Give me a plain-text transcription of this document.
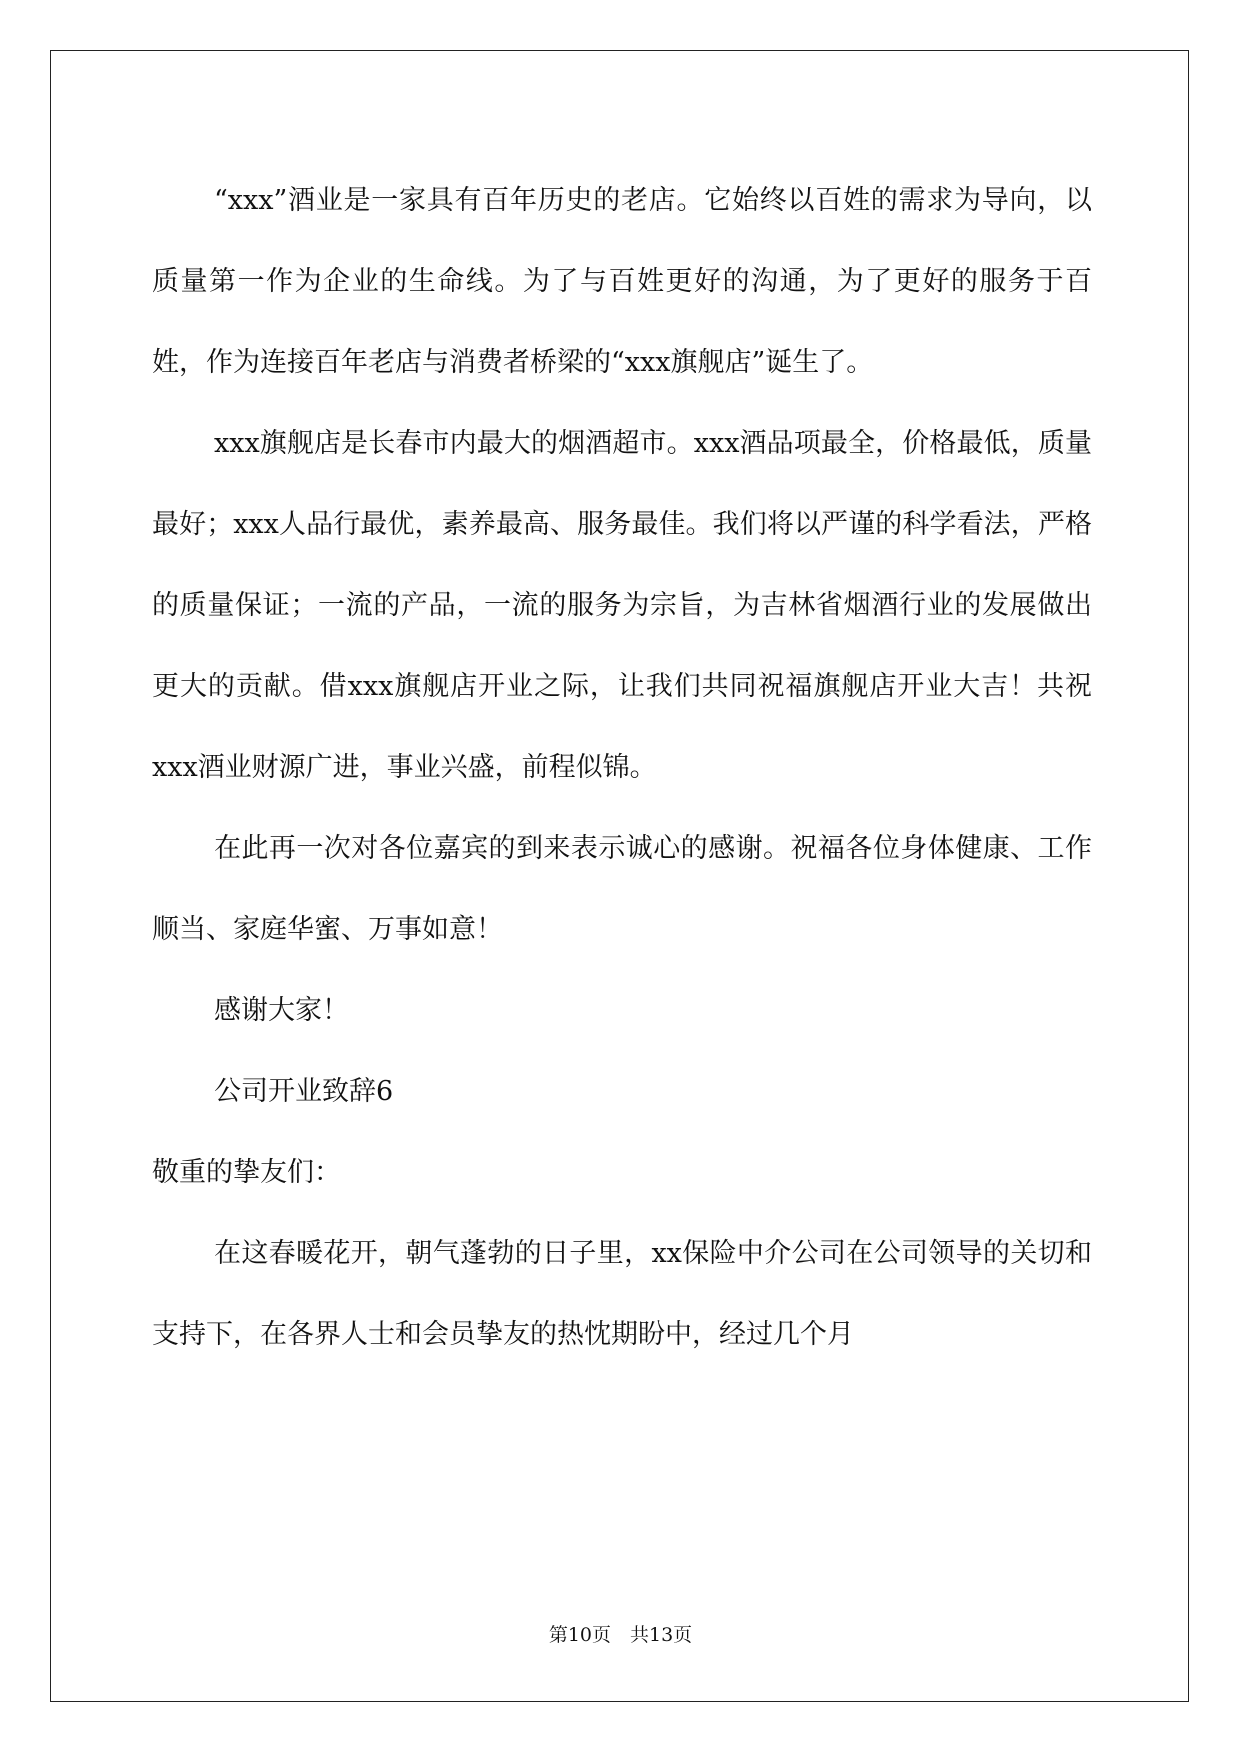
“xxx”酒业是一家具有百年历史的老店。它始终以百姓的需求为导向，以质量第一作为企业的生命线。为了与百姓更好的沟通，为了更好的服务于百姓，作为连接百年老店与消费者桥梁的“xxx旗舰店”诞生了。

xxx旗舰店是长春市内最大的烟酒超市。xxx酒品项最全，价格最低，质量最好；xxx人品行最优，素养最高、服务最佳。我们将以严谨的科学看法，严格的质量保证；一流的产品，一流的服务为宗旨，为吉林省烟酒行业的发展做出更大的贡献。借xxx旗舰店开业之际，让我们共同祝福旗舰店开业大吉！共祝xxx酒业财源广进，事业兴盛，前程似锦。

在此再一次对各位嘉宾的到来表示诚心的感谢。祝福各位身体健康、工作顺当、家庭华蜜、万事如意！

感谢大家！

公司开业致辞6

敬重的挚友们：

在这春暖花开，朝气蓬勃的日子里，xx保险中介公司在公司领导的关切和支持下，在各界人士和会员挚友的热忱期盼中，经过几个月

第10页　共13页
